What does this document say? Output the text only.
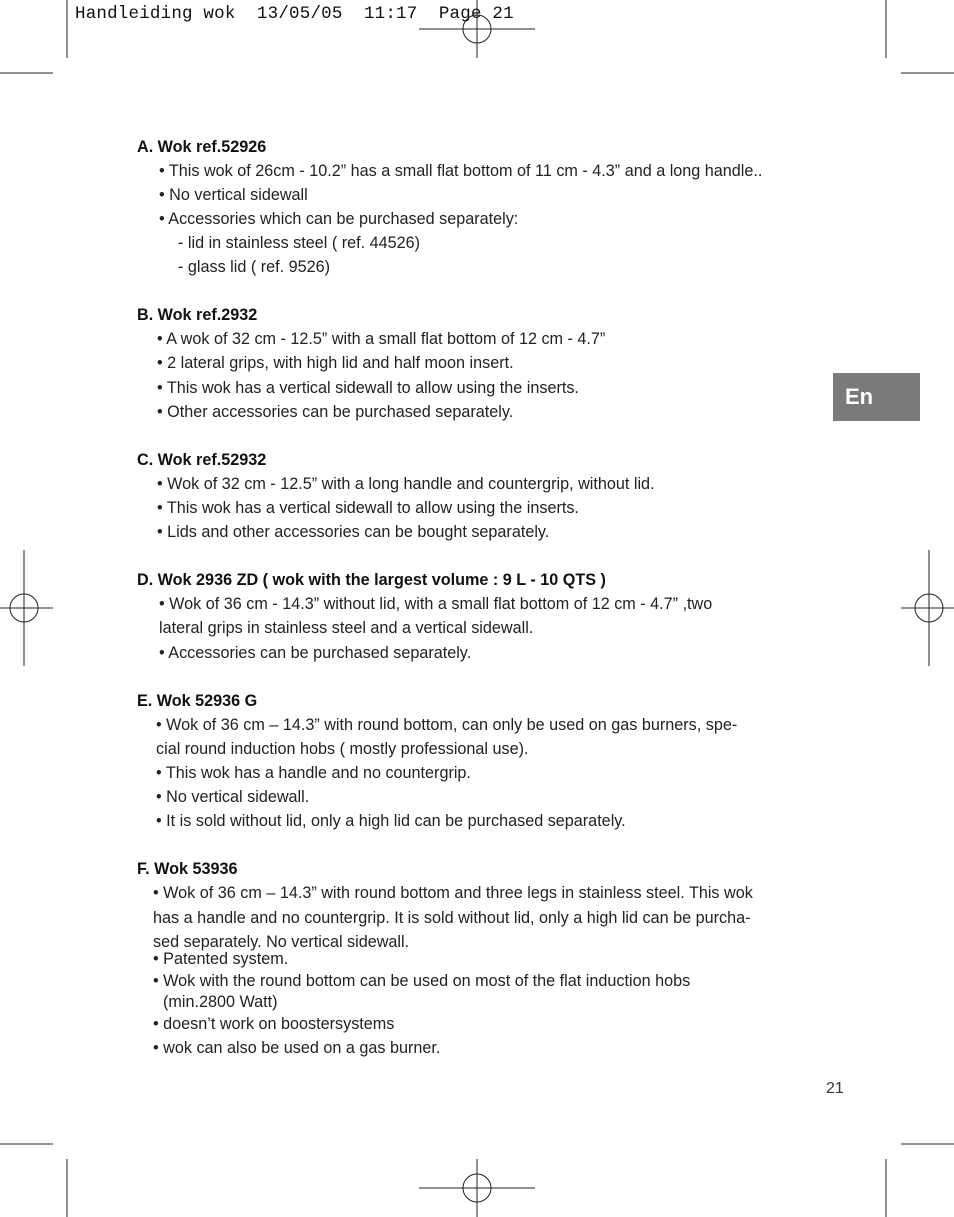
Handleiding wok  13/05/05  11:17  Page 21
En
A. Wok ref.52926
• This wok of 26cm - 10.2” has a small flat bottom of 11 cm - 4.3” and a long handle..
• No vertical sidewall
• Accessories which can be purchased separately:
- lid in stainless steel ( ref. 44526)
- glass lid ( ref. 9526)
B. Wok ref.2932
• A wok of 32 cm - 12.5” with a small flat bottom of 12 cm - 4.7”
• 2 lateral grips, with high lid and half moon insert.
• This wok has a vertical sidewall to allow using the inserts.
• Other accessories can be purchased separately.
C. Wok ref.52932
• Wok of 32 cm - 12.5” with a long handle and countergrip, without lid.
• This wok has a vertical sidewall to allow using the inserts.
• Lids and other accessories can be bought separately.
D. Wok 2936 ZD ( wok with the largest volume : 9 L - 10 QTS )
• Wok of 36 cm - 14.3” without lid, with a small flat bottom of 12 cm - 4.7” ,two
lateral grips in stainless steel and a vertical sidewall.
• Accessories can be purchased separately.
E. Wok 52936 G
• Wok of 36 cm – 14.3” with round bottom, can only be used on gas burners, spe-
cial round induction hobs ( mostly professional use).
• This wok has a handle and no countergrip.
• No vertical sidewall.
• It is sold without lid, only a high lid can be purchased separately.
F. Wok 53936
• Wok of 36 cm – 14.3” with round bottom and three legs in stainless steel. This wok
has a handle and no countergrip. It is sold without lid, only a high lid can be purcha-
sed separately. No vertical sidewall.
• Patented system.
• Wok with the round bottom can be used on most of the flat induction hobs
(min.2800 Watt)
• doesn’t work on boostersystems
• wok can also be used on a gas burner.
21
